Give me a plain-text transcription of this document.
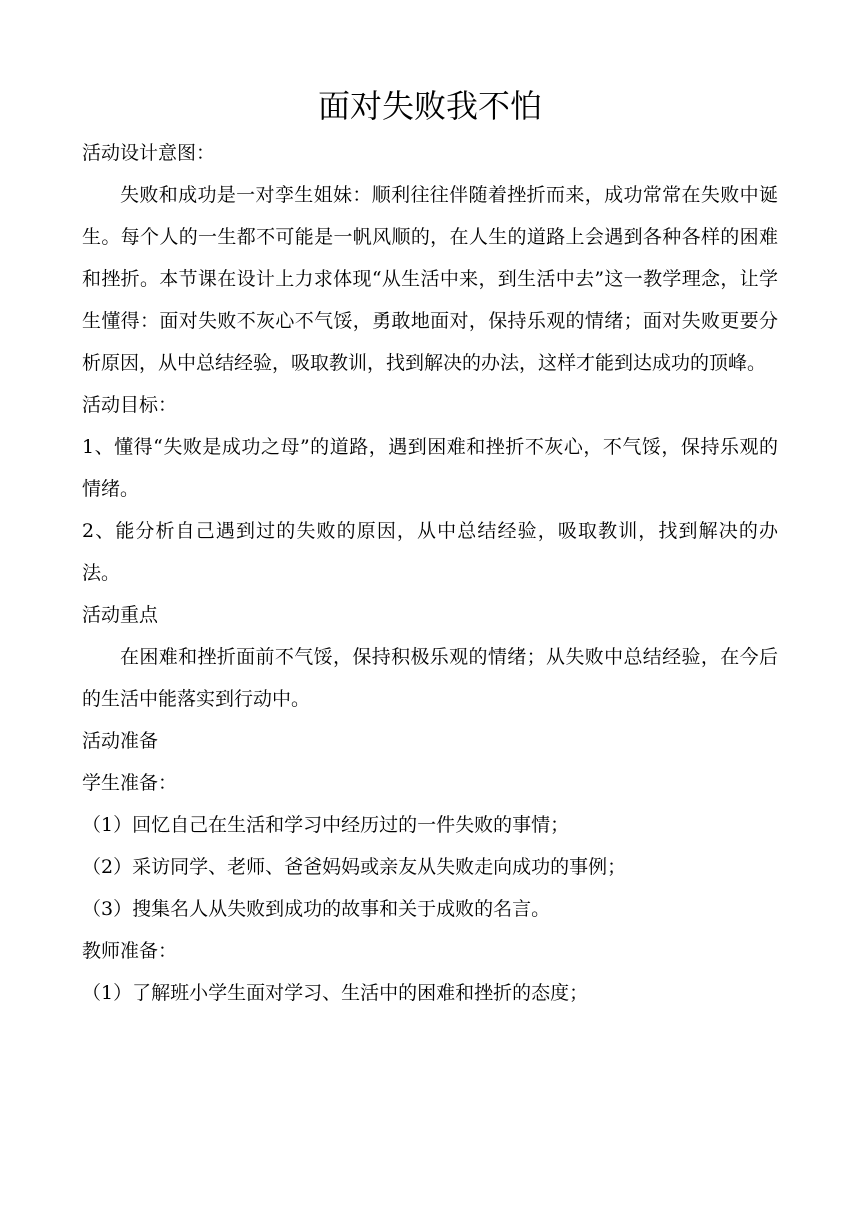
面对失败我不怕

活动设计意图：

失败和成功是一对孪生姐妹：顺利往往伴随着挫折而来，成功常常在失败中诞生。每个人的一生都不可能是一帆风顺的，在人生的道路上会遇到各种各样的困难和挫折。本节课在设计上力求体现“从生活中来，到生活中去”这一教学理念，让学生懂得：面对失败不灰心不气馁，勇敢地面对，保持乐观的情绪；面对失败更要分析原因，从中总结经验，吸取教训，找到解决的办法，这样才能到达成功的顶峰。

活动目标：

1、懂得“失败是成功之母”的道路，遇到困难和挫折不灰心，不气馁，保持乐观的情绪。

2、能分析自己遇到过的失败的原因，从中总结经验，吸取教训，找到解决的办法。

活动重点

在困难和挫折面前不气馁，保持积极乐观的情绪；从失败中总结经验，在今后的生活中能落实到行动中。

活动准备

学生准备：

（1）回忆自己在生活和学习中经历过的一件失败的事情；

（2）采访同学、老师、爸爸妈妈或亲友从失败走向成功的事例；

（3）搜集名人从失败到成功的故事和关于成败的名言。

教师准备：

（1）了解班小学生面对学习、生活中的困难和挫折的态度；
